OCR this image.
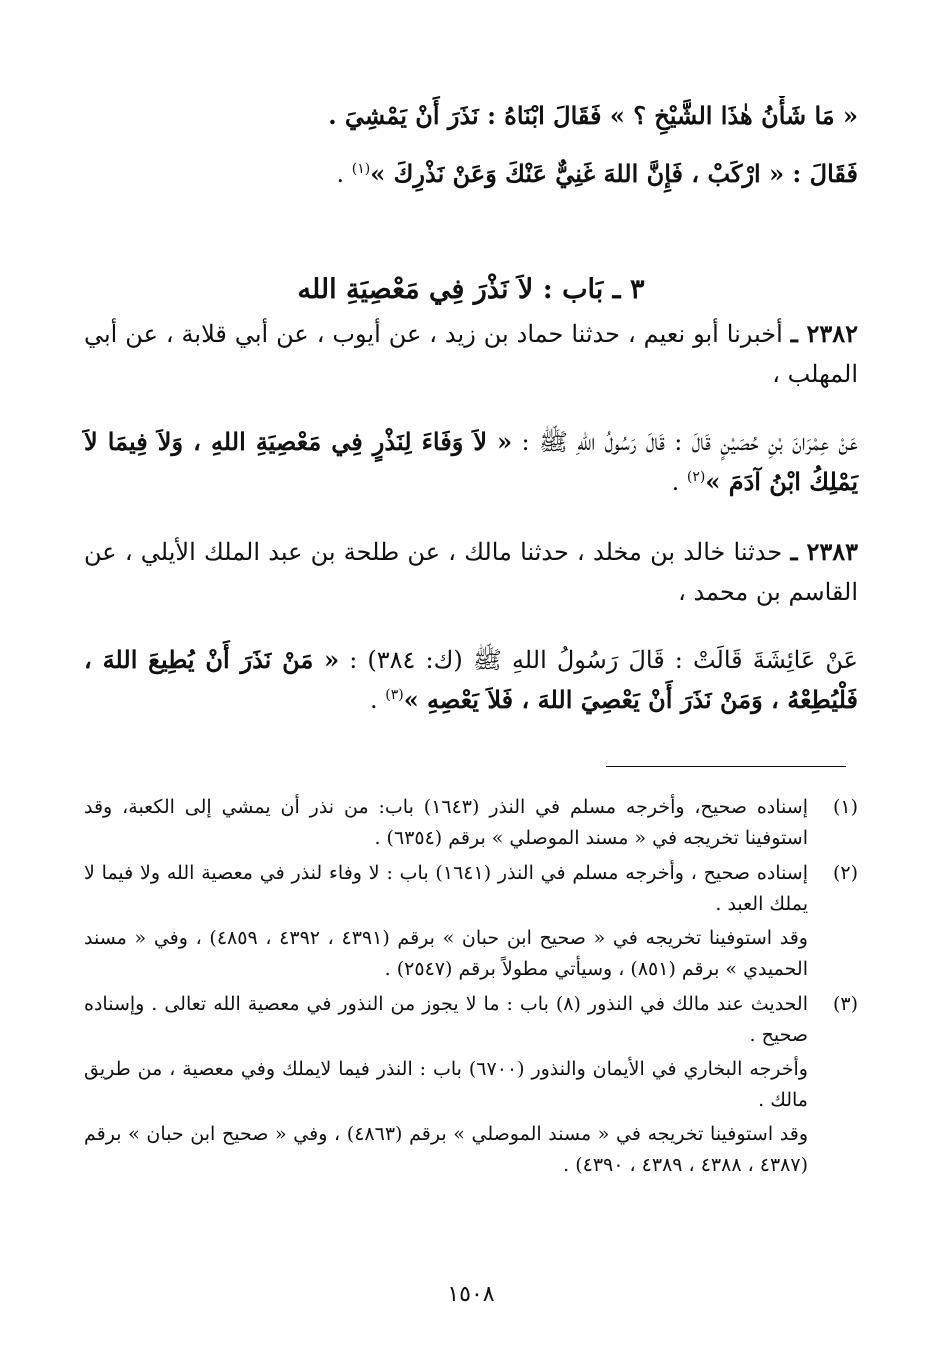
« مَا شَأْنُ هٰذَا الشَّيْخِ ؟ » فَقَالَ ابْنَاهُ : نَذَرَ أَنْ يَمْشِيَ .

فَقَالَ : « ارْكَبْ ، فَإِنَّ اللهَ غَنِيٌّ عَنْكَ وَعَنْ نَذْرِكَ »$^{(١)}$ .

٣ ـ بَاب : لاَ نَذْرَ فِي مَعْصِيَةِ الله

٢٣٨٢ ـ أخبرنا أبو نعيم ، حدثنا حماد بن زيد ، عن أيوب ، عن أبي قلابة ، عن أبي المهلب ،

عَنْ عِمْرَانَ بْنِ حُصَيْنٍ قَالَ : قَالَ رَسُولُ اللهِ ﷺ : « لاَ وَفَاءَ لِنَذْرٍ فِي مَعْصِيَةِ اللهِ ، وَلاَ فِيمَا لاَ يَمْلِكُ ابْنُ آدَمَ »$^{(٢)}$ .

٢٣٨٣ ـ حدثنا خالد بن مخلد ، حدثنا مالك ، عن طلحة بن عبد الملك الأيلي ، عن القاسم بن محمد ،

عَنْ عَائِشَةَ قَالَتْ : قَالَ رَسُولُ اللهِ ﷺ (ك: ٣٨٤) : « مَنْ نَذَرَ أَنْ يُطِيعَ اللهَ ، فَلْيُطِعْهُ ، وَمَنْ نَذَرَ أَنْ يَعْصِيَ اللهَ ، فَلاَ يَعْصِهِ »$^{(٣)}$ .

(١)

إسناده صحيح، وأخرجه مسلم في النذر (١٦٤٣) باب: من نذر أن يمشي إلى الكعبة، وقد استوفينا تخريجه في « مسند الموصلي » برقم (٦٣٥٤) .

(٢)

إسناده صحيح ، وأخرجه مسلم في النذر (١٦٤١) باب : لا وفاء لنذر في معصية الله ولا فيما لا يملك العبد .

وقد استوفينا تخريجه في « صحيح ابن حبان » برقم (٤٣٩١ ، ٤٣٩٢ ، ٤٨٥٩) ، وفي « مسند الحميدي » برقم (٨٥١) ، وسيأتي مطولاً برقم (٢٥٤٧) .

(٣)

الحديث عند مالك في النذور (٨) باب : ما لا يجوز من النذور في معصية الله تعالى . وإسناده صحيح .

وأخرجه البخاري في الأيمان والنذور (٦٧٠٠) باب : النذر فيما لايملك وفي معصية ، من طريق مالك .

وقد استوفينا تخريجه في « مسند الموصلي » برقم (٤٨٦٣) ، وفي « صحيح ابن حبان » برقم (٤٣٨٧ ، ٤٣٨٨ ، ٤٣٨٩ ، ٤٣٩٠) .

١٥٠٨
